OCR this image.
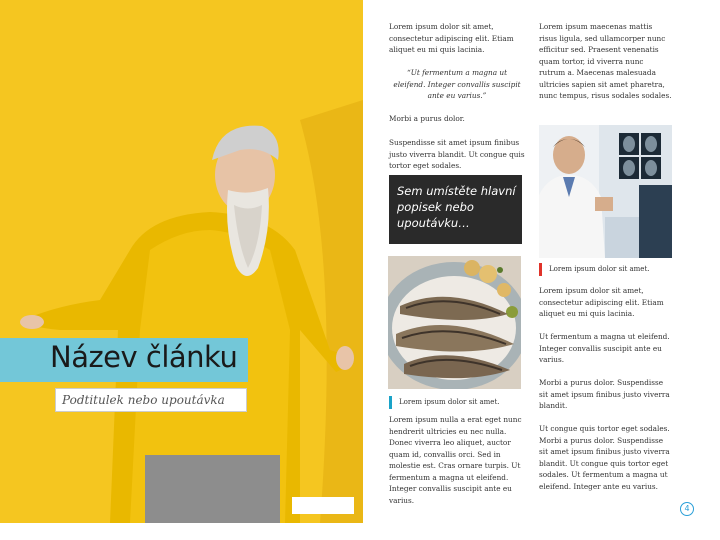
Název článku
Podtitulek nebo upoutávka
Lorem ipsum dolor sit amet, consectetur adipiscing elit. Etiam aliquet eu mi quis lacinia.
“Ut fermentum a magna ut eleifend. Integer convallis suscipit ante eu varius.”
Morbi a purus dolor.
Suspendisse sit amet ipsum finibus justo viverra blandit. Ut congue quis tortor eget sodales.
Sem umístěte hlavní popisek nebo upoutávku…
Lorem ipsum dolor sit amet.
Lorem ipsum nulla a erat eget nunc hendrerit ultricies eu nec nulla. Donec viverra leo aliquet, auctor quam id, convallis orci. Sed in molestie est. Cras ornare turpis. Ut fermentum a magna ut eleifend. Integer convallis suscipit ante eu varius.
Lorem ipsum maecenas mattis risus ligula, sed ullamcorper nunc efficitur sed. Praesent venenatis quam tortor, id viverra nunc rutrum a. Maecenas malesuada ultricies sapien sit amet pharetra, nunc tempus, risus sodales sodales.
Lorem ipsum dolor sit amet.
Lorem ipsum dolor sit amet, consectetur adipiscing elit. Etiam aliquet eu mi quis lacinia.
Ut fermentum a magna ut eleifend. Integer convallis suscipit ante eu varius.
Morbi a purus dolor. Suspendisse sit amet ipsum finibus justo viverra blandit.
Ut congue quis tortor eget sodales. Morbi a purus dolor. Suspendisse sit amet ipsum finibus justo viverra blandit. Ut congue quis tortor eget sodales. Ut fermentum a magna ut eleifend. Integer ante eu varius.
4
